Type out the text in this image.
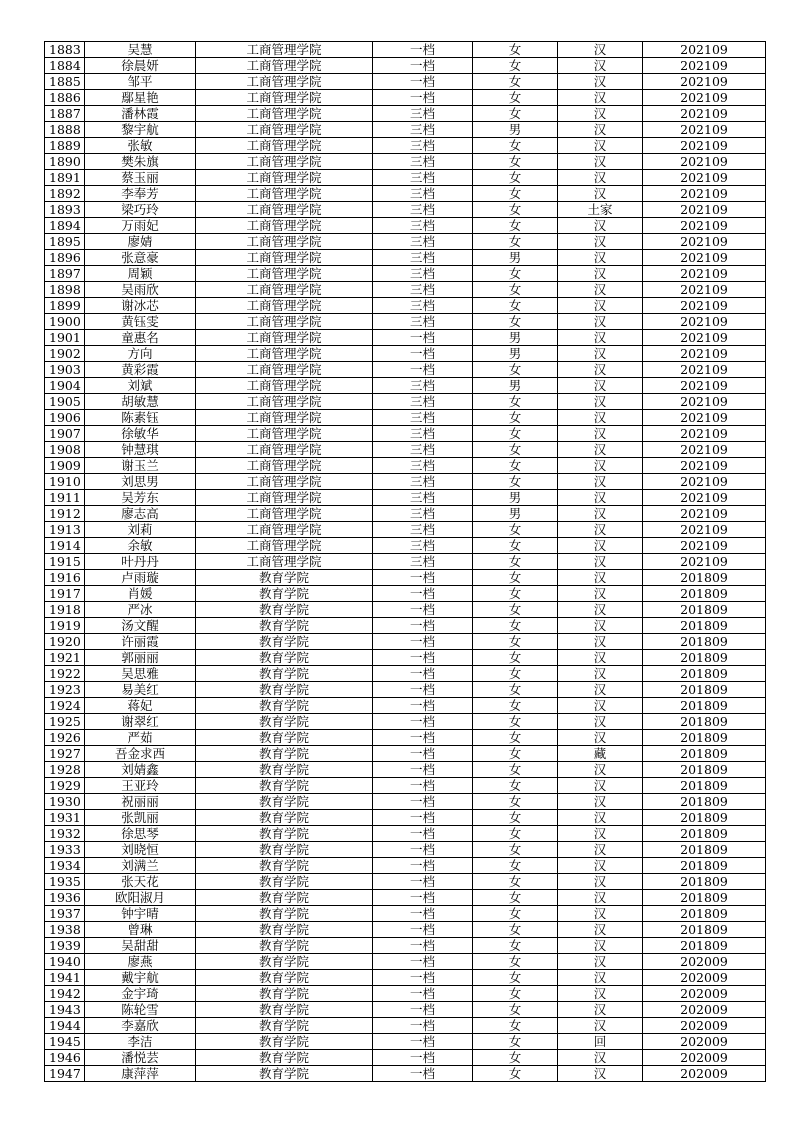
1883	吴慧	工商管理学院	一档	女	汉	202109
1884	徐晨妍	工商管理学院	一档	女	汉	202109
1885	邹平	工商管理学院	一档	女	汉	202109
1886	鄢星艳	工商管理学院	一档	女	汉	202109
1887	潘林霞	工商管理学院	三档	女	汉	202109
1888	黎宇航	工商管理学院	三档	男	汉	202109
1889	张敏	工商管理学院	三档	女	汉	202109
1890	樊朱旗	工商管理学院	三档	女	汉	202109
1891	蔡玉丽	工商管理学院	三档	女	汉	202109
1892	李奉芳	工商管理学院	三档	女	汉	202109
1893	梁巧玲	工商管理学院	三档	女	土家	202109
1894	万雨妃	工商管理学院	三档	女	汉	202109
1895	廖婧	工商管理学院	三档	女	汉	202109
1896	张意豪	工商管理学院	三档	男	汉	202109
1897	周颖	工商管理学院	三档	女	汉	202109
1898	吴雨欣	工商管理学院	三档	女	汉	202109
1899	谢冰芯	工商管理学院	三档	女	汉	202109
1900	黄钰雯	工商管理学院	三档	女	汉	202109
1901	童惠名	工商管理学院	一档	男	汉	202109
1902	方向	工商管理学院	一档	男	汉	202109
1903	黄彩霞	工商管理学院	一档	女	汉	202109
1904	刘斌	工商管理学院	三档	男	汉	202109
1905	胡敏慧	工商管理学院	三档	女	汉	202109
1906	陈素钰	工商管理学院	三档	女	汉	202109
1907	徐敏华	工商管理学院	三档	女	汉	202109
1908	钟慧琪	工商管理学院	三档	女	汉	202109
1909	谢玉兰	工商管理学院	三档	女	汉	202109
1910	刘思男	工商管理学院	三档	女	汉	202109
1911	吴芳东	工商管理学院	三档	男	汉	202109
1912	廖志高	工商管理学院	三档	男	汉	202109
1913	刘莉	工商管理学院	三档	女	汉	202109
1914	余敏	工商管理学院	三档	女	汉	202109
1915	叶丹丹	工商管理学院	三档	女	汉	202109
1916	卢雨璇	教育学院	一档	女	汉	201809
1917	肖媛	教育学院	一档	女	汉	201809
1918	严冰	教育学院	一档	女	汉	201809
1919	汤文醒	教育学院	一档	女	汉	201809
1920	许丽霞	教育学院	一档	女	汉	201809
1921	郭丽丽	教育学院	一档	女	汉	201809
1922	吴思雅	教育学院	一档	女	汉	201809
1923	易美红	教育学院	一档	女	汉	201809
1924	蒋妃	教育学院	一档	女	汉	201809
1925	谢翠红	教育学院	一档	女	汉	201809
1926	严茹	教育学院	一档	女	汉	201809
1927	吾金求西	教育学院	一档	女	藏	201809
1928	刘婧鑫	教育学院	一档	女	汉	201809
1929	王亚玲	教育学院	一档	女	汉	201809
1930	祝丽丽	教育学院	一档	女	汉	201809
1931	张凯丽	教育学院	一档	女	汉	201809
1932	徐思琴	教育学院	一档	女	汉	201809
1933	刘晓恒	教育学院	一档	女	汉	201809
1934	刘满兰	教育学院	一档	女	汉	201809
1935	张天花	教育学院	一档	女	汉	201809
1936	欧阳淑月	教育学院	一档	女	汉	201809
1937	钟宇晴	教育学院	一档	女	汉	201809
1938	曾琳	教育学院	一档	女	汉	201809
1939	吴甜甜	教育学院	一档	女	汉	201809
1940	廖燕	教育学院	一档	女	汉	202009
1941	戴宇航	教育学院	一档	女	汉	202009
1942	金宇琦	教育学院	一档	女	汉	202009
1943	陈轮雪	教育学院	一档	女	汉	202009
1944	李嘉欣	教育学院	一档	女	汉	202009
1945	李洁	教育学院	一档	女	回	202009
1946	潘悦芸	教育学院	一档	女	汉	202009
1947	康萍萍	教育学院	一档	女	汉	202009
